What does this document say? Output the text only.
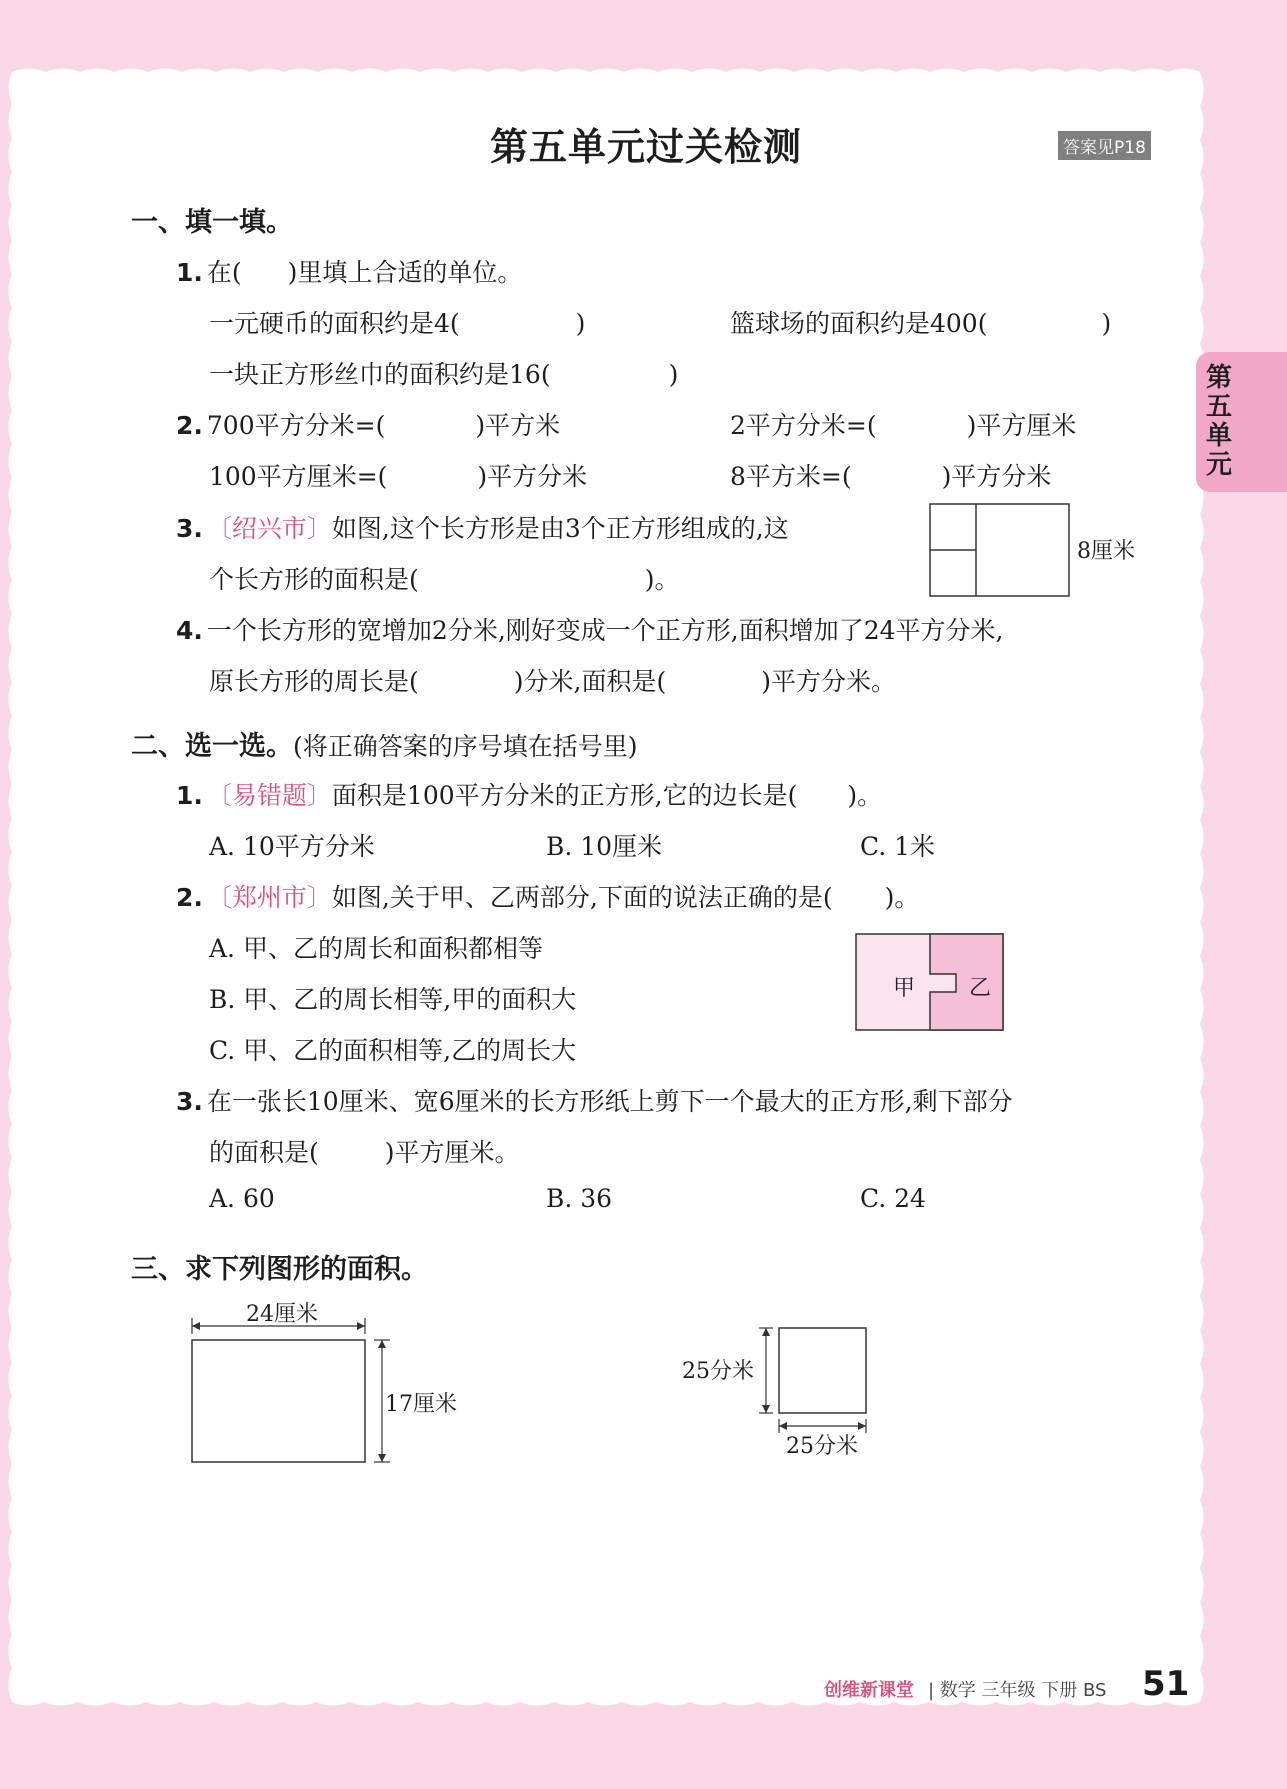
第五单元过关检测	答案见P18
第五单元
一、填一填。
1. 在( )里填上合适的单位。
一元硬币的面积约是4(	)	篮球场的面积约是400(	)
一块正方形丝巾的面积约是16(	)
2. 700平方分米=(	)平方米	2平方分米=(	)平方厘米
100平方厘米=(	)平方分米	8平方米=(	)平方分米
3. 〔绍兴市〕如图,这个长方形是由3个正方形组成的,这
个长方形的面积是(	)。
8厘米
4. 一个长方形的宽增加2分米,刚好变成一个正方形,面积增加了24平方分米,
原长方形的周长是(	)分米,面积是(	)平方分米。
二、选一选。(将正确答案的序号填在括号里)
1. 〔易错题〕面积是100平方分米的正方形,它的边长是( )。
A. 10平方分米	B. 10厘米	C. 1米
2. 〔郑州市〕如图,关于甲、乙两部分,下面的说法正确的是( )。
A. 甲、乙的周长和面积都相等
B. 甲、乙的周长相等,甲的面积大
C. 甲、乙的面积相等,乙的周长大
甲 乙
3. 在一张长10厘米、宽6厘米的长方形纸上剪下一个最大的正方形,剩下部分
的面积是(	)平方厘米。
A. 60	B. 36	C. 24
三、求下列图形的面积。
24厘米
17厘米
25分米
25分米
创维新课堂 | 数学 三年级 下册 BS 51
